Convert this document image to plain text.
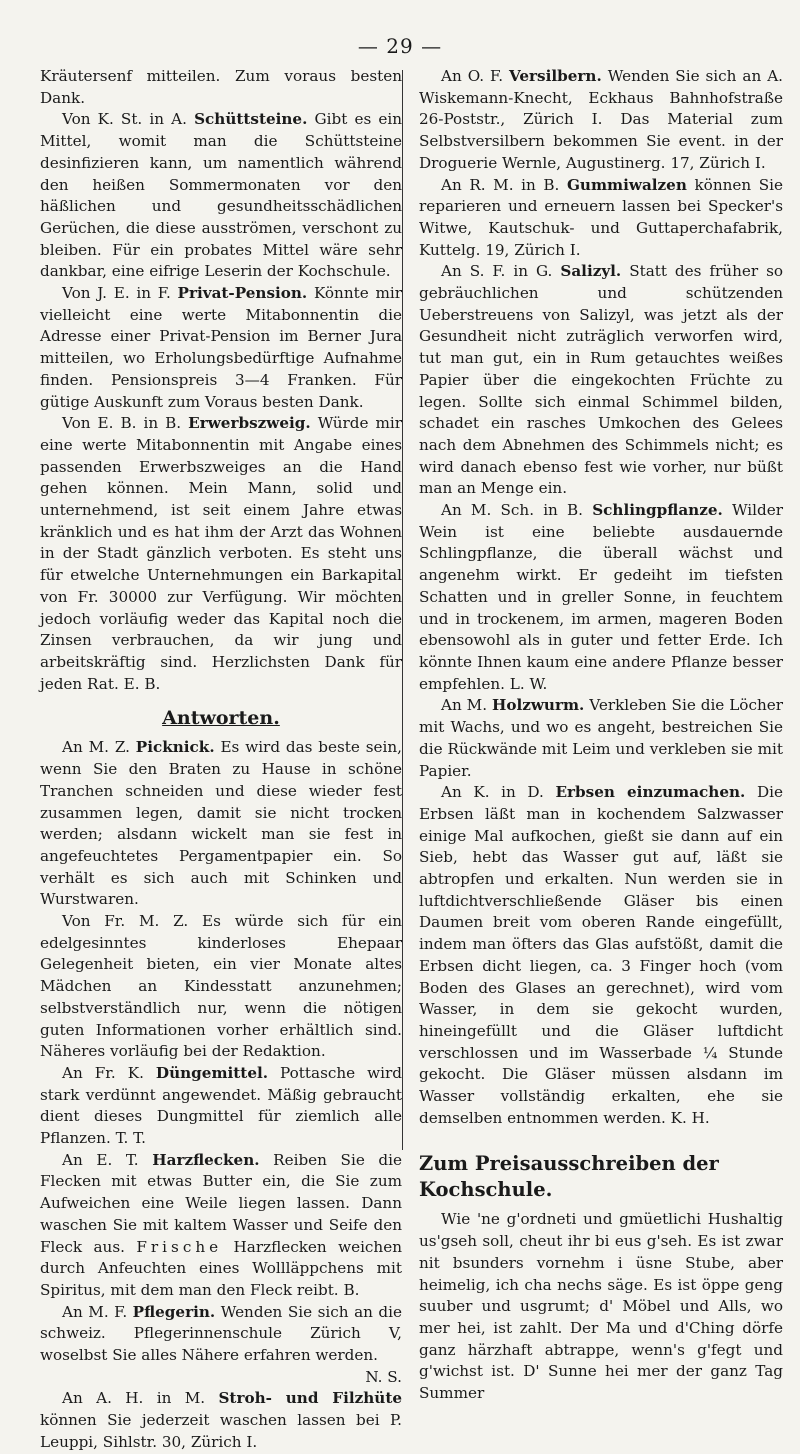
— 29 —

Kräutersenf mitteilen. Zum voraus besten Dank.

Von K. St. in A. Schüttsteine. Gibt es ein Mittel, womit man die Schüttsteine desinfizieren kann, um namentlich während den heißen Sommermonaten vor den häßlichen und gesundheitsschädlichen Gerüchen, die diese ausströmen, verschont zu bleiben. Für ein probates Mittel wäre sehr dankbar, eine eifrige Leserin der Kochschule.

Von J. E. in F. Privat-Pension. Könnte mir vielleicht eine werte Mitabonnentin die Adresse einer Privat-Pension im Berner Jura mitteilen, wo Erholungsbedürftige Aufnahme finden. Pensionspreis 3—4 Franken. Für gütige Auskunft zum Voraus besten Dank.

Von E. B. in B. Erwerbszweig. Würde mir eine werte Mitabonnentin mit Angabe eines passenden Erwerbszweiges an die Hand gehen können. Mein Mann, solid und unternehmend, ist seit einem Jahre etwas kränklich und es hat ihm der Arzt das Wohnen in der Stadt gänzlich verboten. Es steht uns für etwelche Unternehmungen ein Barkapital von Fr. 30000 zur Verfügung. Wir möchten jedoch vorläufig weder das Kapital noch die Zinsen verbrauchen, da wir jung und arbeitskräftig sind. Herzlichsten Dank für jeden Rat. E. B.

Antworten.

An M. Z. Picknick. Es wird das beste sein, wenn Sie den Braten zu Hause in schöne Tranchen schneiden und diese wieder fest zusammen legen, damit sie nicht trocken werden; alsdann wickelt man sie fest in angefeuchtetes Pergamentpapier ein. So verhält es sich auch mit Schinken und Wurstwaren.

Von Fr. M. Z. Es würde sich für ein edelgesinntes kinderloses Ehepaar Gelegenheit bieten, ein vier Monate altes Mädchen an Kindesstatt anzunehmen; selbstverständlich nur, wenn die nötigen guten Informationen vorher erhältlich sind. Näheres vorläufig bei der Redaktion.

An Fr. K. Düngemittel. Pottasche wird stark verdünnt angewendet. Mäßig gebraucht dient dieses Dungmittel für ziemlich alle Pflanzen. T. T.

An E. T. Harzflecken. Reiben Sie die Flecken mit etwas Butter ein, die Sie zum Aufweichen eine Weile liegen lassen. Dann waschen Sie mit kaltem Wasser und Seife den Fleck aus. Frische Harzflecken weichen durch Anfeuchten eines Wollläppchens mit Spiritus, mit dem man den Fleck reibt. B.

An M. F. Pflegerin. Wenden Sie sich an die schweiz. Pflegerinnenschule Zürich V, woselbst Sie alles Nähere erfahren werden.

N. S.

An A. H. in M. Stroh- und Filzhüte können Sie jederzeit waschen lassen bei P. Leuppi, Sihlstr. 30, Zürich I.

An O. F. Versilbern. Wenden Sie sich an A. Wiskemann-Knecht, Eckhaus Bahnhofstraße 26-Poststr., Zürich I. Das Material zum Selbstversilbern bekommen Sie event. in der Droguerie Wernle, Augustinerg. 17, Zürich I.

An R. M. in B. Gummiwalzen können Sie reparieren und erneuern lassen bei Specker's Witwe, Kautschuk- und Guttaperchafabrik, Kuttelg. 19, Zürich I.

An S. F. in G. Salizyl. Statt des früher so gebräuchlichen und schützenden Ueberstreuens von Salizyl, was jetzt als der Gesundheit nicht zuträglich verworfen wird, tut man gut, ein in Rum getauchtes weißes Papier über die eingekochten Früchte zu legen. Sollte sich einmal Schimmel bilden, schadet ein rasches Umkochen des Gelees nach dem Abnehmen des Schimmels nicht; es wird danach ebenso fest wie vorher, nur büßt man an Menge ein.

An M. Sch. in B. Schlingpflanze. Wilder Wein ist eine beliebte ausdauernde Schlingpflanze, die überall wächst und angenehm wirkt. Er gedeiht im tiefsten Schatten und in greller Sonne, in feuchtem und in trockenem, im armen, mageren Boden ebensowohl als in guter und fetter Erde. Ich könnte Ihnen kaum eine andere Pflanze besser empfehlen. L. W.

An M. Holzwurm. Verkleben Sie die Löcher mit Wachs, und wo es angeht, bestreichen Sie die Rückwände mit Leim und verkleben sie mit Papier.

An K. in D. Erbsen einzumachen. Die Erbsen läßt man in kochendem Salzwasser einige Mal aufkochen, gießt sie dann auf ein Sieb, hebt das Wasser gut auf, läßt sie abtropfen und erkalten. Nun werden sie in luftdichtverschließende Gläser bis einen Daumen breit vom oberen Rande eingefüllt, indem man öfters das Glas aufstößt, damit die Erbsen dicht liegen, ca. 3 Finger hoch (vom Boden des Glases an gerechnet), wird vom Wasser, in dem sie gekocht wurden, hineingefüllt und die Gläser luftdicht verschlossen und im Wasserbade ¼ Stunde gekocht. Die Gläser müssen alsdann im Wasser vollständig erkalten, ehe sie demselben entnommen werden. K. H.

Zum Preisausschreiben der Kochschule.

Wie 'ne g'ordneti und gmüetlichi Hushaltig us'gseh soll, cheut ihr bi eus g'seh. Es ist zwar nit bsunders vornehm i üsne Stube, aber heimelig, ich cha nechs säge. Es ist öppe geng suuber und usgrumt; d' Möbel und Alls, wo mer hei, ist zahlt. Der Ma und d'Ching dörfe ganz härzhaft abtrappe, wenn's g'fegt und g'wichst ist. D' Sunne hei mer der ganz Tag Summer
